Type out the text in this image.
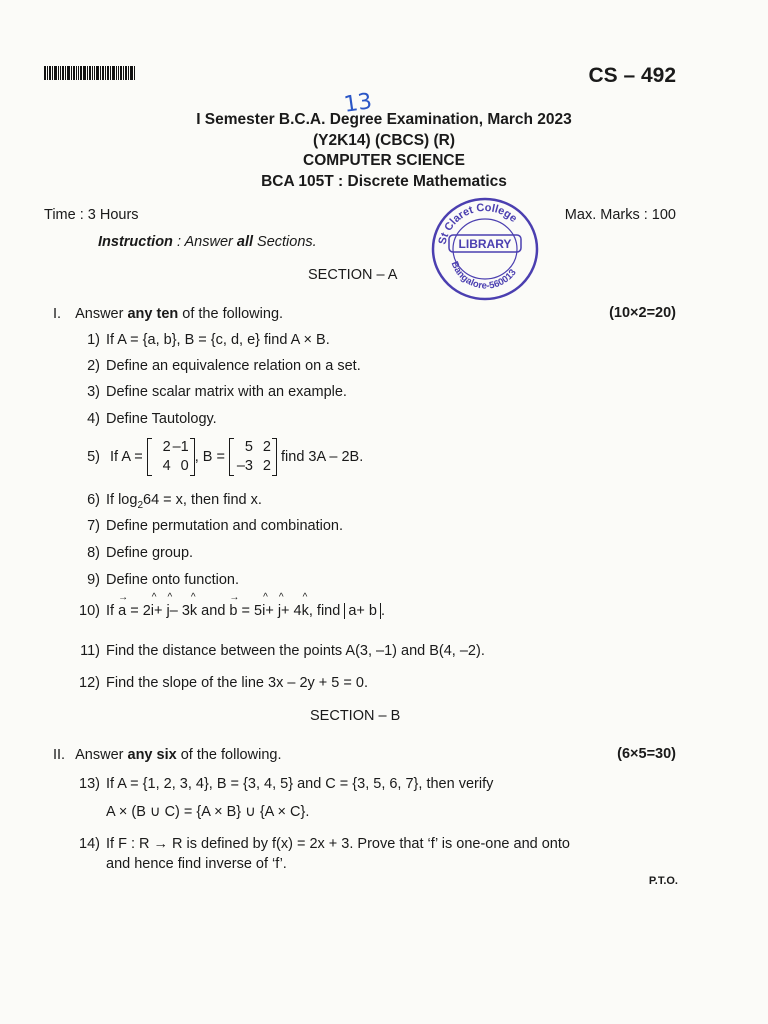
CS – 492
13
I Semester B.C.A. Degree Examination, March 2023
(Y2K14) (CBCS) (R)
COMPUTER SCIENCE
BCA 105T : Discrete Mathematics
Time : 3 Hours	Max. Marks : 100
St Claret College
LIBRARY
Bangalore-560013
Instruction : Answer all Sections.
SECTION – A
I. Answer any ten of the following.	(10×2=20)
1) If A = {a, b}, B = {c, d, e} find A × B.
2) Define an equivalence relation on a set.
3) Define scalar matrix with an example.
4) Define Tautology.
5) If A =
2 –1
4 0
, B =
5 2
–3 2
find 3A – 2B.
6) If $\log_264 = x$, then find x.
7) Define permutation and combination.
8) Define group.
9) Define onto function.
10) If → a = 2^ i+ ^ j– 3^ k and → b = 5^ i+ ^ j+ 4^ k, find a+ b .
11) Find the distance between the points A(3, –1) and B(4, –2).
12) Find the slope of the line 3x – 2y + 5 = 0.
SECTION – B
II. Answer any six of the following.	(6×5=30)
13) If A = {1, 2, 3, 4}, B = {3, 4, 5} and C = {3, 5, 6, 7}, then verify
A × (B ∪ C) = {A × B} ∪ {A × C}.
14) If F : R → R is defined by f(x) = 2x + 3. Prove that ‘f’ is one-one and onto
and hence find inverse of ‘f’.
P.T.O.
